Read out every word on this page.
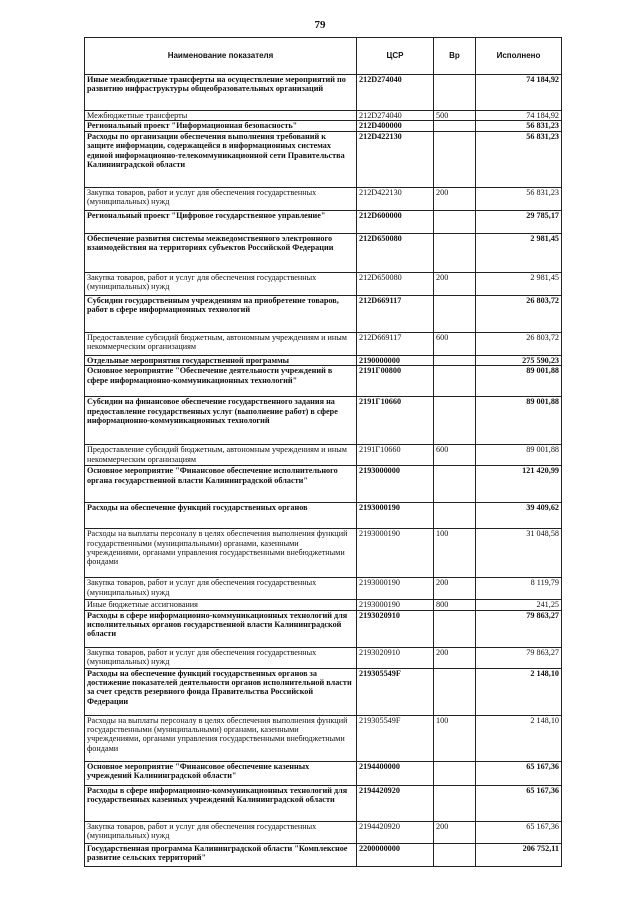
79
Наименование показателя	ЦСР	Вр	Исполнено
Иные межбюджетные трансферты на осуществление мероприятий по развитию инфраструктуры общеобразовательных организаций	212D274040		74 184,92
Межбюджетные трансферты	212D274040	500	74 184,92
Региональный проект "Информационная безопасность"	212D400000		56 831,23
Расходы по организации обеспечения выполнения требований к защите информации, содержащейся в информационных системах единой информационно-телекоммуникационной сети Правительства Калининградской области	212D422130		56 831,23
Закупка товаров, работ и услуг для обеспечения государственных (муниципальных) нужд	212D422130	200	56 831,23
Региональный проект "Цифровое государственное управление"	212D600000		29 785,17
Обеспечение развития системы межведомственного электронного взаимодействия на территориях субъектов Российской Федерации	212D650080		2 981,45
Закупка товаров, работ и услуг для обеспечения государственных (муниципальных) нужд	212D650080	200	2 981,45
Субсидии государственным учреждениям на приобретение товаров, работ в сфере информационных технологий	212D669117		26 803,72
Предоставление субсидий бюджетным, автономным учреждениям и иным некоммерческим организациям	212D669117	600	26 803,72
Отдельные мероприятия государственной программы	2190000000		275 590,23
Основное мероприятие "Обеспечение деятельности учреждений в сфере информационно-коммуникационных технологий"	2191Г00800		89 001,88
Субсидии на финансовое обеспечение государственного задания на предоставление государственных услуг (выполнение работ) в сфере информационно-коммуникационных технологий	2191Г10660		89 001,88
Предоставление субсидий бюджетным, автономным учреждениям и иным некоммерческим организациям	2191Г10660	600	89 001,88
Основное мероприятие "Финансовое обеспечение исполнительного органа государственной власти Калининградской области"	2193000000		121 420,99
Расходы на обеспечение функций государственных органов	2193000190		39 409,62
Расходы на выплаты персоналу в целях обеспечения выполнения функций государственными (муниципальными) органами, казенными учреждениями, органами управления государственными внебюджетными фондами	2193000190	100	31 048,58
Закупка товаров, работ и услуг для обеспечения государственных (муниципальных) нужд	2193000190	200	8 119,79
Иные бюджетные ассигнования	2193000190	800	241,25
Расходы в сфере информационно-коммуникационных технологий для исполнительных органов государственной власти Калининградской области	2193020910		79 863,27
Закупка товаров, работ и услуг для обеспечения государственных (муниципальных) нужд	2193020910	200	79 863,27
Расходы на обеспечение функций государственных органов за достижение показателей деятельности органов исполнительной власти за счет средств резервного фонда Правительства Российской Федерации	219305549F		2 148,10
Расходы на выплаты персоналу в целях обеспечения выполнения функций государственными (муниципальными) органами, казенными учреждениями, органами управления государственными внебюджетными фондами	219305549F	100	2 148,10
Основное мероприятие "Финансовое обеспечение казенных учреждений Калининградской области"	2194400000		65 167,36
Расходы в сфере информационно-коммуникационных технологий для государственных казенных учреждений Калининградской области	2194420920		65 167,36
Закупка товаров, работ и услуг для обеспечения государственных (муниципальных) нужд	2194420920	200	65 167,36
Государственная программа Калининградской области "Комплексное развитие сельских территорий"	2200000000		206 752,11
